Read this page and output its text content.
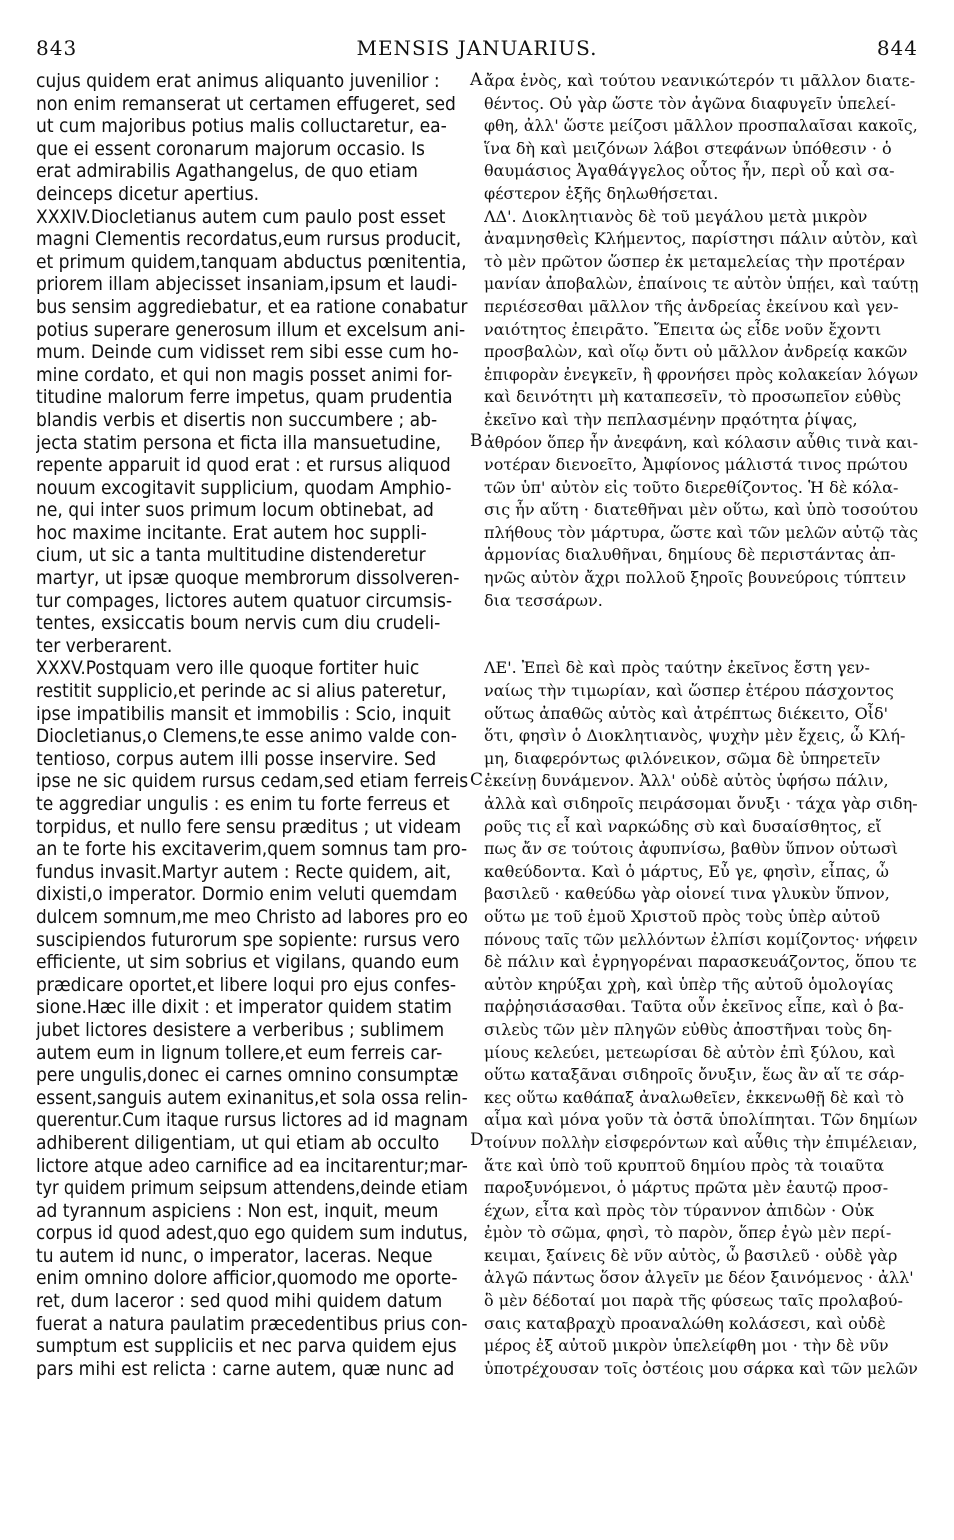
843	MENSIS JANUARIUS.	844
cujus quidem erat animus aliquanto juvenilior :
non enim remanserat ut certamen effugeret, sed
ut cum majoribus potius malis colluctaretur, ea-
que ei essent coronarum majorum occasio. Is
erat admirabilis Agathangelus, de quo etiam
deinceps dicetur apertius.
XXXIV.Diocletianus autem cum paulo post esset
magni Clementis recordatus,eum rursus producit,
et primum quidem,tanquam abductus pœnitentia,
priorem illam abjecisset insaniam,ipsum et laudi-
bus sensim aggrediebatur, et ea ratione conabatur
potius superare generosum illum et excelsum ani-
mum. Deinde cum vidisset rem sibi esse cum ho-
mine cordato, et qui non magis posset animi for-
titudine malorum ferre impetus, quam prudentia
blandis verbis et disertis non succumbere ; ab-
jecta statim persona et ficta illa mansuetudine,
repente apparuit id quod erat : et rursus aliquod
nouum excogitavit supplicium, quodam Amphio-
ne, qui inter suos primum locum obtinebat, ad
hoc maxime incitante. Erat autem hoc suppli-
cium, ut sic a tanta multitudine distenderetur
martyr, ut ipsæ quoque membrorum dissolveren-
tur compages, lictores autem quatuor circumsis-
tentes, exsiccatis boum nervis cum diu crudeli-
ter verberarent.
XXXV.Postquam vero ille quoque fortiter huic
restitit supplicio,et perinde ac si alius pateretur,
ipse impatibilis mansit et immobilis : Scio, inquit
Diocletianus,o Clemens,te esse animo valde con-
tentioso, corpus autem illi posse inservire. Sed
ipse ne sic quidem rursus cedam,sed etiam ferreis
te aggrediar ungulis : es enim tu forte ferreus et
torpidus, et nullo fere sensu præditus ; ut videam
an te forte his excitaverim,quem somnus tam pro-
fundus invasit.Martyr autem : Recte quidem, ait,
dixisti,o imperator. Dormio enim veluti quemdam
dulcem somnum,me meo Christo ad labores pro eo
suscipiendos futurorum spe sopiente: rursus vero
efficiente, ut sim sobrius et vigilans, quando eum
prædicare oportet,et libere loqui pro ejus confes-
sione.Hæc ille dixit : et imperator quidem statim
jubet lictores desistere a verberibus ; sublimem
autem eum in lignum tollere,et eum ferreis car-
pere ungulis,donec ei carnes omnino consumptæ
essent,sanguis autem exinanitus,et sola ossa relin-
querentur.Cum itaque rursus lictores ad id magnam
adhiberent diligentiam, ut qui etiam ab occulto
lictore atque adeo carnifice ad ea incitarentur;mar-
tyr quidem primum seipsum attendens,deinde etiam
ad tyrannum aspiciens : Non est, inquit, meum
corpus id quod adest,quo ego quidem sum indutus,
tu autem id nunc, o imperator, laceras. Neque
enim omnino dolore afficior,quomodo me oporte-
ret, dum laceror : sed quod mihi quidem datum
fuerat a natura paulatim præcedentibus prius con-
sumptum est suppliciis et nec parva quidem ejus
pars mihi est relicta : carne autem, quæ nunc ad
ἄρα ἑνὸς, καὶ τούτου νεανικώτερόν τι μᾶλλον διατε-
θέντος. Οὐ γὰρ ὥστε τὸν ἀγῶνα διαφυγεῖν ὑπελεί-
φθη, ἀλλ' ὥστε μείζοσι μᾶλλον προσπαλαῖσαι κακοῖς,
ἵνα δὴ καὶ μειζόνων λάβοι στεφάνων ὑπόθεσιν · ὁ
θαυμάσιος Ἀγαθάγγελος οὗτος ἦν, περὶ οὗ καὶ σα-
φέστερον ἑξῆς δηλωθήσεται.
ΛΔ'. Διοκλητιανὸς δὲ τοῦ μεγάλου μετὰ μικρὸν
ἀναμνησθεὶς Κλήμεντος, παρίστησι πάλιν αὐτὸν, καὶ
τὸ μὲν πρῶτον ὥσπερ ἐκ μεταμελείας τὴν προτέραν
μανίαν ἀποβαλὼν, ἐπαίνοις τε αὐτὸν ὑπῄει, καὶ ταύτῃ
περιέσεσθαι μᾶλλον τῆς ἀνδρείας ἐκείνου καὶ γεν-
ναιότητος ἐπειρᾶτο. Ἔπειτα ὡς εἶδε νοῦν ἔχοντι
προσβαλὼν, καὶ οἵῳ ὄντι οὐ μᾶλλον ἀνδρείᾳ κακῶν
ἐπιφορὰν ἐνεγκεῖν, ἢ φρονήσει πρὸς κολακείαν λόγων
καὶ δεινότητι μὴ καταπεσεῖν, τὸ προσωπεῖον εὐθὺς
ἐκεῖνο καὶ τὴν πεπλασμένην πρᾳότητα ῥίψας,
ἀθρόον ὅπερ ἦν ἀνεφάνη, καὶ κόλασιν αὖθις τινὰ και-
νοτέραν διενοεῖτο, Ἀμφίονος μάλιστά τινος πρώτου
τῶν ὑπ' αὐτὸν εἰς τοῦτο διερεθίζοντος. Ἡ δὲ κόλα-
σις ἦν αὕτη · διατεθῆναι μὲν οὕτω, καὶ ὑπὸ τοσούτου
πλήθους τὸν μάρτυρα, ὥστε καὶ τῶν μελῶν αὐτῷ τὰς
ἁρμονίας διαλυθῆναι, δημίους δὲ περιστάντας ἀπ-
ηνῶς αὐτὸν ἄχρι πολλοῦ ξηροῖς βουνεύροις τύπτειν
δια τεσσάρων.
ΛΕ'. Ἐπεὶ δὲ καὶ πρὸς ταύτην ἐκεῖνος ἔστη γεν-
ναίως τὴν τιμωρίαν, καὶ ὥσπερ ἑτέρου πάσχοντος
οὕτως ἀπαθῶς αὐτὸς καὶ ἀτρέπτως διέκειτο, Οἶδ'
ὅτι, φησὶν ὁ Διοκλητιανὸς, ψυχὴν μὲν ἔχεις, ὦ Κλή-
μη, διαφερόντως φιλόνεικον, σῶμα δὲ ὑπηρετεῖν
ἐκείνῃ δυνάμενον. Ἀλλ' οὐδὲ αὐτὸς ὑφήσω πάλιν,
ἀλλὰ καὶ σιδηροῖς πειράσομαι ὄνυξι · τάχα γὰρ σιδη-
ροῦς τις εἶ καὶ ναρκώδης σὺ καὶ δυσαίσθητος, εἴ
πως ἄν σε τούτοις ἀφυπνίσω, βαθὺν ὕπνον οὑτωσὶ
καθεύδοντα. Καὶ ὁ μάρτυς, Εὖ γε, φησὶν, εἶπας, ὦ
βασιλεῦ · καθεύδω γὰρ οἱονεί τινα γλυκὺν ὕπνον,
οὕτω με τοῦ ἐμοῦ Χριστοῦ πρὸς τοὺς ὑπὲρ αὐτοῦ
πόνους ταῖς τῶν μελλόντων ἐλπίσι κομίζοντος· νήφειν
δὲ πάλιν καὶ ἐγρηγορέναι παρασκευάζοντος, ὅπου τε
αὐτὸν κηρύξαι χρὴ, καὶ ὑπὲρ τῆς αὐτοῦ ὁμολογίας
παῤῥησιάσασθαι. Ταῦτα οὖν ἐκεῖνος εἶπε, καὶ ὁ βα-
σιλεὺς τῶν μὲν πληγῶν εὐθὺς ἀποστῆναι τοὺς δη-
μίους κελεύει, μετεωρίσαι δὲ αὐτὸν ἐπὶ ξύλου, καὶ
οὕτω καταξᾶναι σιδηροῖς ὄνυξιν, ἕως ἂν αἵ τε σάρ-
κες οὕτω καθάπαξ ἀναλωθεῖεν, ἐκκενωθῇ δὲ καὶ τὸ
αἷμα καὶ μόνα γοῦν τὰ ὀστᾶ ὑπολίπηται. Τῶν δημίων
τοίνυν πολλὴν εἰσφερόντων καὶ αὖθις τὴν ἐπιμέλειαν,
ἅτε καὶ ὑπὸ τοῦ κρυπτοῦ δημίου πρὸς τὰ τοιαῦτα
παροξυνόμενοι, ὁ μάρτυς πρῶτα μὲν ἑαυτῷ προσ-
έχων, εἶτα καὶ πρὸς τὸν τύραννον ἀπιδὼν · Οὐκ
ἐμὸν τὸ σῶμα, φησὶ, τὸ παρὸν, ὅπερ ἐγὼ μὲν περί-
κειμαι, ξαίνεις δὲ νῦν αὐτὸς, ὦ βασιλεῦ · οὐδὲ γὰρ
ἀλγῶ πάντως ὅσον ἀλγεῖν με δέον ξαινόμενος · ἀλλ'
ὃ μὲν δέδοταί μοι παρὰ τῆς φύσεως ταῖς προλαβού-
σαις καταβραχὺ προαναλώθη κολάσεσι, καὶ οὐδὲ
μέρος ἐξ αὐτοῦ μικρὸν ὑπελείφθη μοι · τὴν δὲ νῦν
ὑποτρέχουσαν τοῖς ὀστέοις μου σάρκα καὶ τῶν μελῶν
A
B
C
D
